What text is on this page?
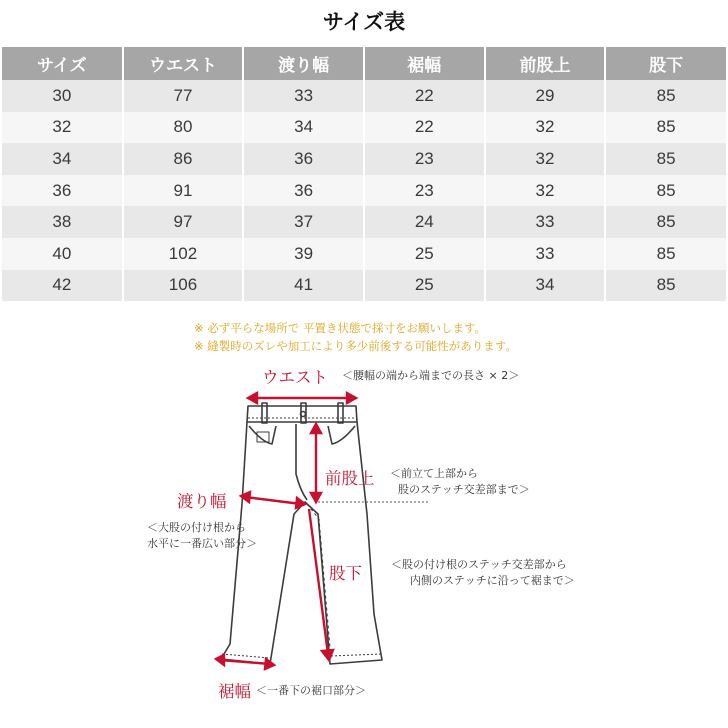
サイズ表
サイズ	ウエスト	渡り幅	裾幅	前股上	股下
30	77	33	22	29	85
32	80	34	22	32	85
34	86	36	23	32	85
36	91	36	23	32	85
38	97	37	24	33	85
40	102	39	25	33	85
42	106	41	25	34	85
※ 必ず平らな場所で 平置き状態で採寸をお願いします。
※ 縫製時のズレや加工により多少前後する可能性があります。
ウエスト ＜腰幅の端から端までの長さ × 2＞
前股上 ＜前立て上部から
股のステッチ交差部まで＞
渡り幅
＜大股の付け根から
水平に一番広い部分＞
股下	＜股の付け根のステッチ交差部から
内側のステッチに沿って裾まで＞
裾幅 ＜一番下の裾口部分＞
